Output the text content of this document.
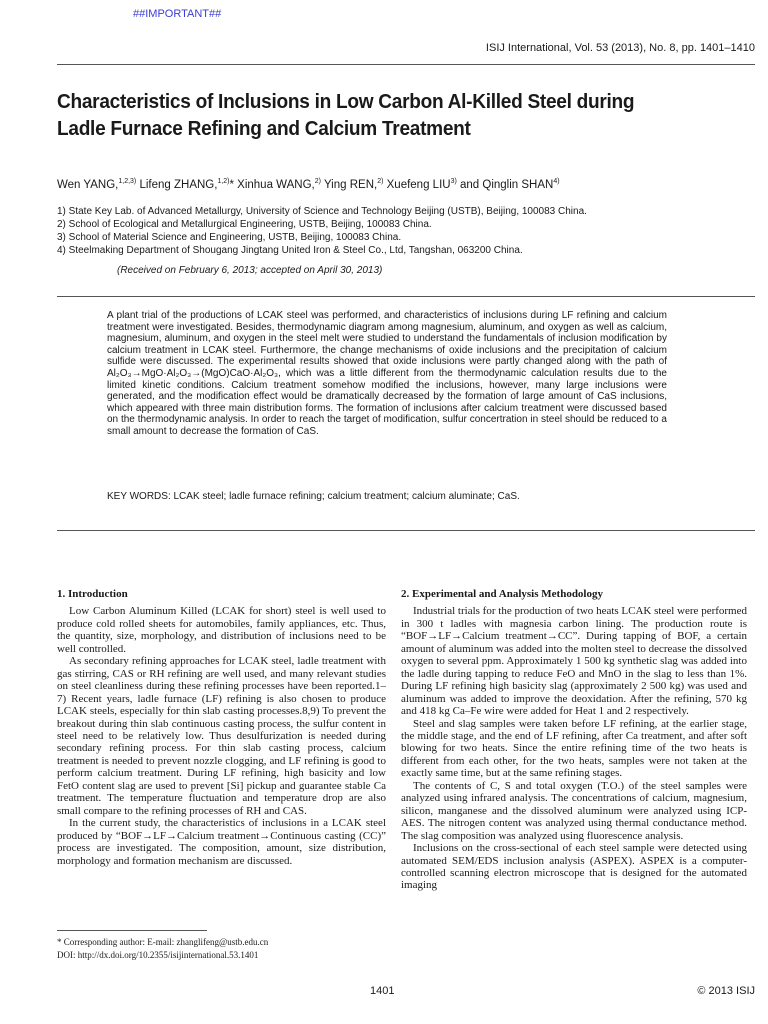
##IMPORTANT##
ISIJ International, Vol. 53 (2013), No. 8, pp. 1401–1410
Characteristics of Inclusions in Low Carbon Al-Killed Steel during
Ladle Furnace Refining and Calcium Treatment
Wen YANG,$^{1,2,3)}$ Lifeng ZHANG,$^{1,2)}$* Xinhua WANG,$^{2)}$ Ying REN,$^{2)}$ Xuefeng LIU$^{3)}$ and Qinglin SHAN$^{4)}$
1) State Key Lab. of Advanced Metallurgy, University of Science and Technology Beijing (USTB), Beijing, 100083 China.
2) School of Ecological and Metallurgical Engineering, USTB, Beijing, 100083 China.
3) School of Material Science and Engineering, USTB, Beijing, 100083 China.
4) Steelmaking Department of Shougang Jingtang United Iron & Steel Co., Ltd, Tangshan, 063200 China.
(Received on February 6, 2013; accepted on April 30, 2013)

A plant trial of the productions of LCAK steel was performed, and characteristics of inclusions during LF refining and calcium treatment were investigated. Besides, thermodynamic diagram among magnesium, aluminum, and oxygen as well as calcium, magnesium, aluminum, and oxygen in the steel melt were studied to understand the fundamentals of inclusion modification by calcium treatment in LCAK steel. Furthermore, the change mechanisms of oxide inclusions and the precipitation of calcium sulfide were discussed. The experimental results showed that oxide inclusions were partly changed along with the path of Al₂O₃→MgO·Al₂O₃→(MgO)CaO·Al₂O₃, which was a little different from the thermodynamic calculation results due to the limited kinetic conditions. Calcium treatment somehow modified the inclusions, however, many large inclusions were generated, and the modification effect would be dramatically decreased by the formation of large amount of CaS inclusions, which appeared with three main distribution forms. The formation of inclusions after calcium treatment were discussed based on the thermodynamic analysis. In order to reach the target of modification, sulfur concertration in steel should be reduced to a small amount to decrease the formation of CaS.

KEY WORDS: LCAK steel; ladle furnace refining; calcium treatment; calcium aluminate; CaS.

1. Introduction

Low Carbon Aluminum Killed (LCAK for short) steel is well used to produce cold rolled sheets for automobiles, family appliances, etc. Thus, the quantity, size, morphology, and distribution of inclusions need to be well controlled.

As secondary refining approaches for LCAK steel, ladle treatment with gas stirring, CAS or RH refining are well used, and many relevant studies on steel cleanliness during these refining processes have been reported.1–7) Recent years, ladle furnace (LF) refining is also chosen to produce LCAK steels, especially for thin slab casting processes.8,9) To prevent the breakout during thin slab continuous casting process, the sulfur content in steel need to be relatively low. Thus desulfurization is needed during secondary refining process. For thin slab casting process, calcium treatment is needed to prevent nozzle clogging, and LF refining is good to perform calcium treatment. During LF refining, high basicity and low FetO content slag are used to prevent [Si] pickup and guarantee stable Ca treatment. The temperature fluctuation and temperature drop are also small compare to the refining processes of RH and CAS.

In the current study, the characteristics of inclusions in a LCAK steel produced by “BOF→LF→Calcium treatment→Continuous casting (CC)” process are investigated. The composition, amount, size distribution, morphology and formation mechanism are discussed.

2. Experimental and Analysis Methodology

Industrial trials for the production of two heats LCAK steel were performed in 300 t ladles with magnesia carbon lining. The production route is “BOF→LF→Calcium treatment→CC”. During tapping of BOF, a certain amount of aluminum was added into the molten steel to decrease the dissolved oxygen to several ppm. Approximately 1 500 kg synthetic slag was added into the ladle during tapping to reduce FeO and MnO in the slag to less than 1%. During LF refining high basicity slag (approximately 2 500 kg) was used and aluminum was added to improve the deoxidation. After the refining, 570 kg and 418 kg Ca–Fe wire were added for Heat 1 and 2 respectively.

Steel and slag samples were taken before LF refining, at the earlier stage, the middle stage, and the end of LF refining, after Ca treatment, and after soft blowing for two heats. Since the entire refining time of the two heats is different from each other, for the two heats, samples were not taken at the exactly same time, but at the same refining stages.

The contents of C, S and total oxygen (T.O.) of the steel samples were analyzed using infrared analysis. The concentrations of calcium, magnesium, silicon, manganese and the dissolved aluminum were analyzed using ICP-AES. The nitrogen content was analyzed using thermal conductance method. The slag composition was analyzed using fluorescence analysis.

Inclusions on the cross-sectional of each steel sample were detected using automated SEM/EDS inclusion analysis (ASPEX). ASPEX is a computer-controlled scanning electron microscope that is designed for the automated imaging

* Corresponding author: E-mail: zhanglifeng@ustb.edu.cn
DOI: http://dx.doi.org/10.2355/isijinternational.53.1401
1401	© 2013 ISIJ
